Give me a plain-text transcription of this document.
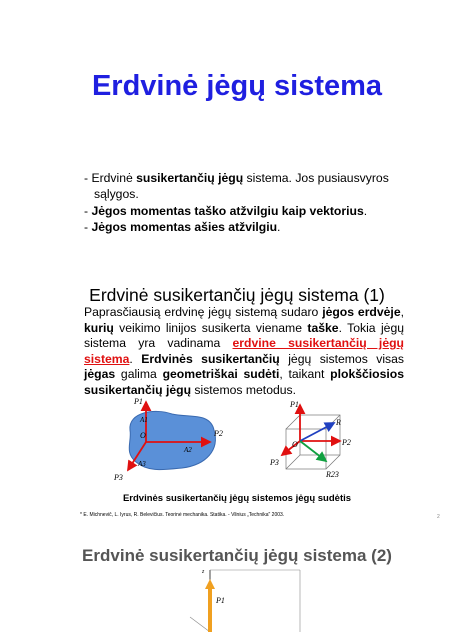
Erdvinė jėgų sistema
- Erdvinė susikertančių jėgų sistema. Jos pusiausvyros
sąlygos.
- Jėgos momentas taško atžvilgiu kaip vektorius.
- Jėgos momentas ašies atžvilgiu.
Erdvinė susikertančių jėgų sistema (1)
Paprasčiausią erdvinę jėgų sistemą sudaro jėgos erdvėje, kurių veikimo linijos susikerta viename taške. Tokia jėgų sistema yra vadinama erdvine susikertančių jėgų sistema. Erdvinės susikertančių jėgų sistemos visas jėgas galima geometriškai sudėti, taikant plokščiosios susikertančių jėgų sistemos metodus.
P1
P2
P3
O
A1
A2
A3
P1
P2
P3
R
R23
O
Erdvinės susikertančių jėgų sistemos jėgų sudėtis
* E. Michnevič, L. Iyrus, R. Belevičius. Teorinė mechanika. Statika. - Vilnius „Technika" 2003.	2
Erdvinė susikertančių jėgų sistema (2)
z
P1
